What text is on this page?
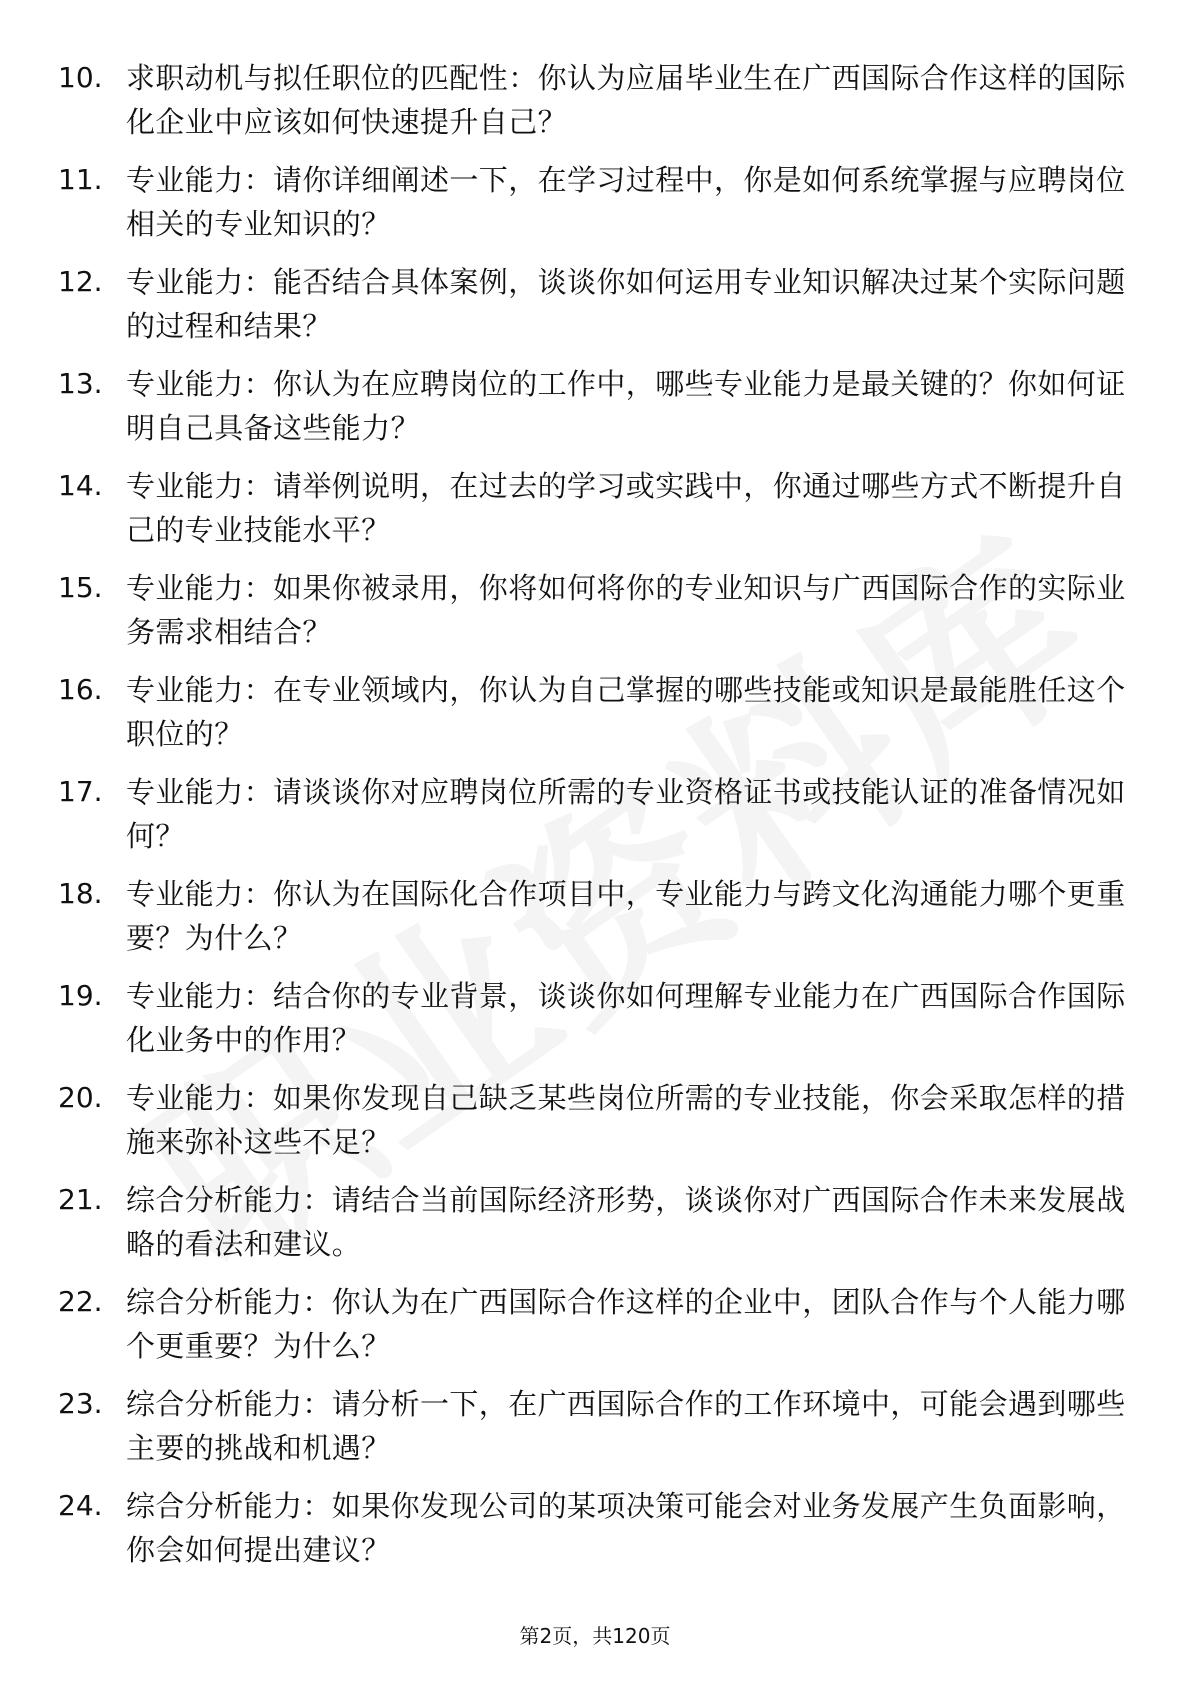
10. 求职动机与拟任职位的匹配性：你认为应届毕业生在广西国际合作这样的国际化企业中应该如何快速提升自己？
11. 专业能力：请你详细阐述一下，在学习过程中，你是如何系统掌握与应聘岗位相关的专业知识的？
12. 专业能力：能否结合具体案例，谈谈你如何运用专业知识解决过某个实际问题的过程和结果？
13. 专业能力：你认为在应聘岗位的工作中，哪些专业能力是最关键的？你如何证明自己具备这些能力？
14. 专业能力：请举例说明，在过去的学习或实践中，你通过哪些方式不断提升自己的专业技能水平？
15. 专业能力：如果你被录用，你将如何将你的专业知识与广西国际合作的实际业务需求相结合？
16. 专业能力：在专业领域内，你认为自己掌握的哪些技能或知识是最能胜任这个职位的？
17. 专业能力：请谈谈你对应聘岗位所需的专业资格证书或技能认证的准备情况如何？
18. 专业能力：你认为在国际化合作项目中，专业能力与跨文化沟通能力哪个更重要？为什么？
19. 专业能力：结合你的专业背景，谈谈你如何理解专业能力在广西国际合作国际化业务中的作用？
20. 专业能力：如果你发现自己缺乏某些岗位所需的专业技能，你会采取怎样的措施来弥补这些不足？
21. 综合分析能力：请结合当前国际经济形势，谈谈你对广西国际合作未来发展战略的看法和建议。
22. 综合分析能力：你认为在广西国际合作这样的企业中，团队合作与个人能力哪个更重要？为什么？
23. 综合分析能力：请分析一下，在广西国际合作的工作环境中，可能会遇到哪些主要的挑战和机遇？
24. 综合分析能力：如果你发现公司的某项决策可能会对业务发展产生负面影响，你会如何提出建议？
第2页，共120页
